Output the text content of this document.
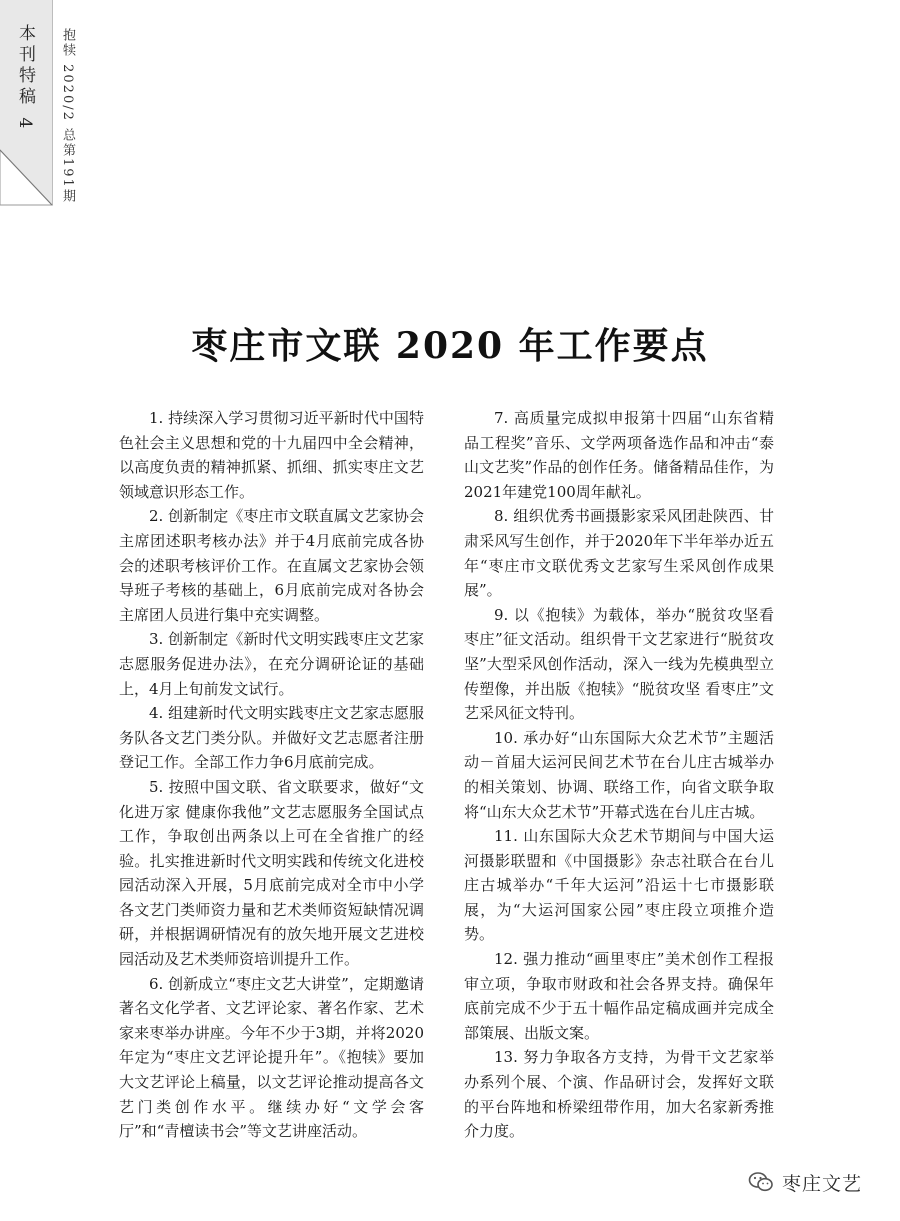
本刊特稿 4 抱犊 2020/2 总第191期
枣庄市文联 2020 年工作要点

1. 持续深入学习贯彻习近平新时代中国特色社会主义思想和党的十九届四中全会精神，以高度负责的精神抓紧、抓细、抓实枣庄文艺领域意识形态工作。

2. 创新制定《枣庄市文联直属文艺家协会主席团述职考核办法》并于4月底前完成各协会的述职考核评价工作。在直属文艺家协会领导班子考核的基础上，6月底前完成对各协会主席团人员进行集中充实调整。

3. 创新制定《新时代文明实践枣庄文艺家志愿服务促进办法》，在充分调研论证的基础上，4月上旬前发文试行。

4. 组建新时代文明实践枣庄文艺家志愿服务队各文艺门类分队。并做好文艺志愿者注册登记工作。全部工作力争6月底前完成。

5. 按照中国文联、省文联要求，做好“文化进万家 健康你我他”文艺志愿服务全国试点工作，争取创出两条以上可在全省推广的经验。扎实推进新时代文明实践和传统文化进校园活动深入开展，5月底前完成对全市中小学各文艺门类师资力量和艺术类师资短缺情况调研，并根据调研情况有的放矢地开展文艺进校园活动及艺术类师资培训提升工作。

6. 创新成立“枣庄文艺大讲堂”，定期邀请著名文化学者、文艺评论家、著名作家、艺术家来枣举办讲座。今年不少于3期，并将2020年定为“枣庄文艺评论提升年”。《抱犊》要加大文艺评论上稿量，以文艺评论推动提高各文艺门类创作水平。继续办好“文学会客厅”和“青檀读书会”等文艺讲座活动。

7. 高质量完成拟申报第十四届“山东省精品工程奖”音乐、文学两项备选作品和冲击“泰山文艺奖”作品的创作任务。储备精品佳作，为2021年建党100周年献礼。

8. 组织优秀书画摄影家采风团赴陕西、甘肃采风写生创作，并于2020年下半年举办近五年“枣庄市文联优秀文艺家写生采风创作成果展”。

9. 以《抱犊》为载体，举办“脱贫攻坚看枣庄”征文活动。组织骨干文艺家进行“脱贫攻坚”大型采风创作活动，深入一线为先模典型立传塑像，并出版《抱犊》“脱贫攻坚 看枣庄”文艺采风征文特刊。

10. 承办好“山东国际大众艺术节”主题活动－首届大运河民间艺术节在台儿庄古城举办的相关策划、协调、联络工作，向省文联争取将“山东大众艺术节”开幕式选在台儿庄古城。

11. 山东国际大众艺术节期间与中国大运河摄影联盟和《中国摄影》杂志社联合在台儿庄古城举办“千年大运河”沿运十七市摄影联展，为“大运河国家公园”枣庄段立项推介造势。

12. 强力推动“画里枣庄”美术创作工程报审立项，争取市财政和社会各界支持。确保年底前完成不少于五十幅作品定稿成画并完成全部策展、出版文案。

13. 努力争取各方支持，为骨干文艺家举办系列个展、个演、作品研讨会，发挥好文联的平台阵地和桥梁纽带作用，加大名家新秀推介力度。

枣庄文艺
